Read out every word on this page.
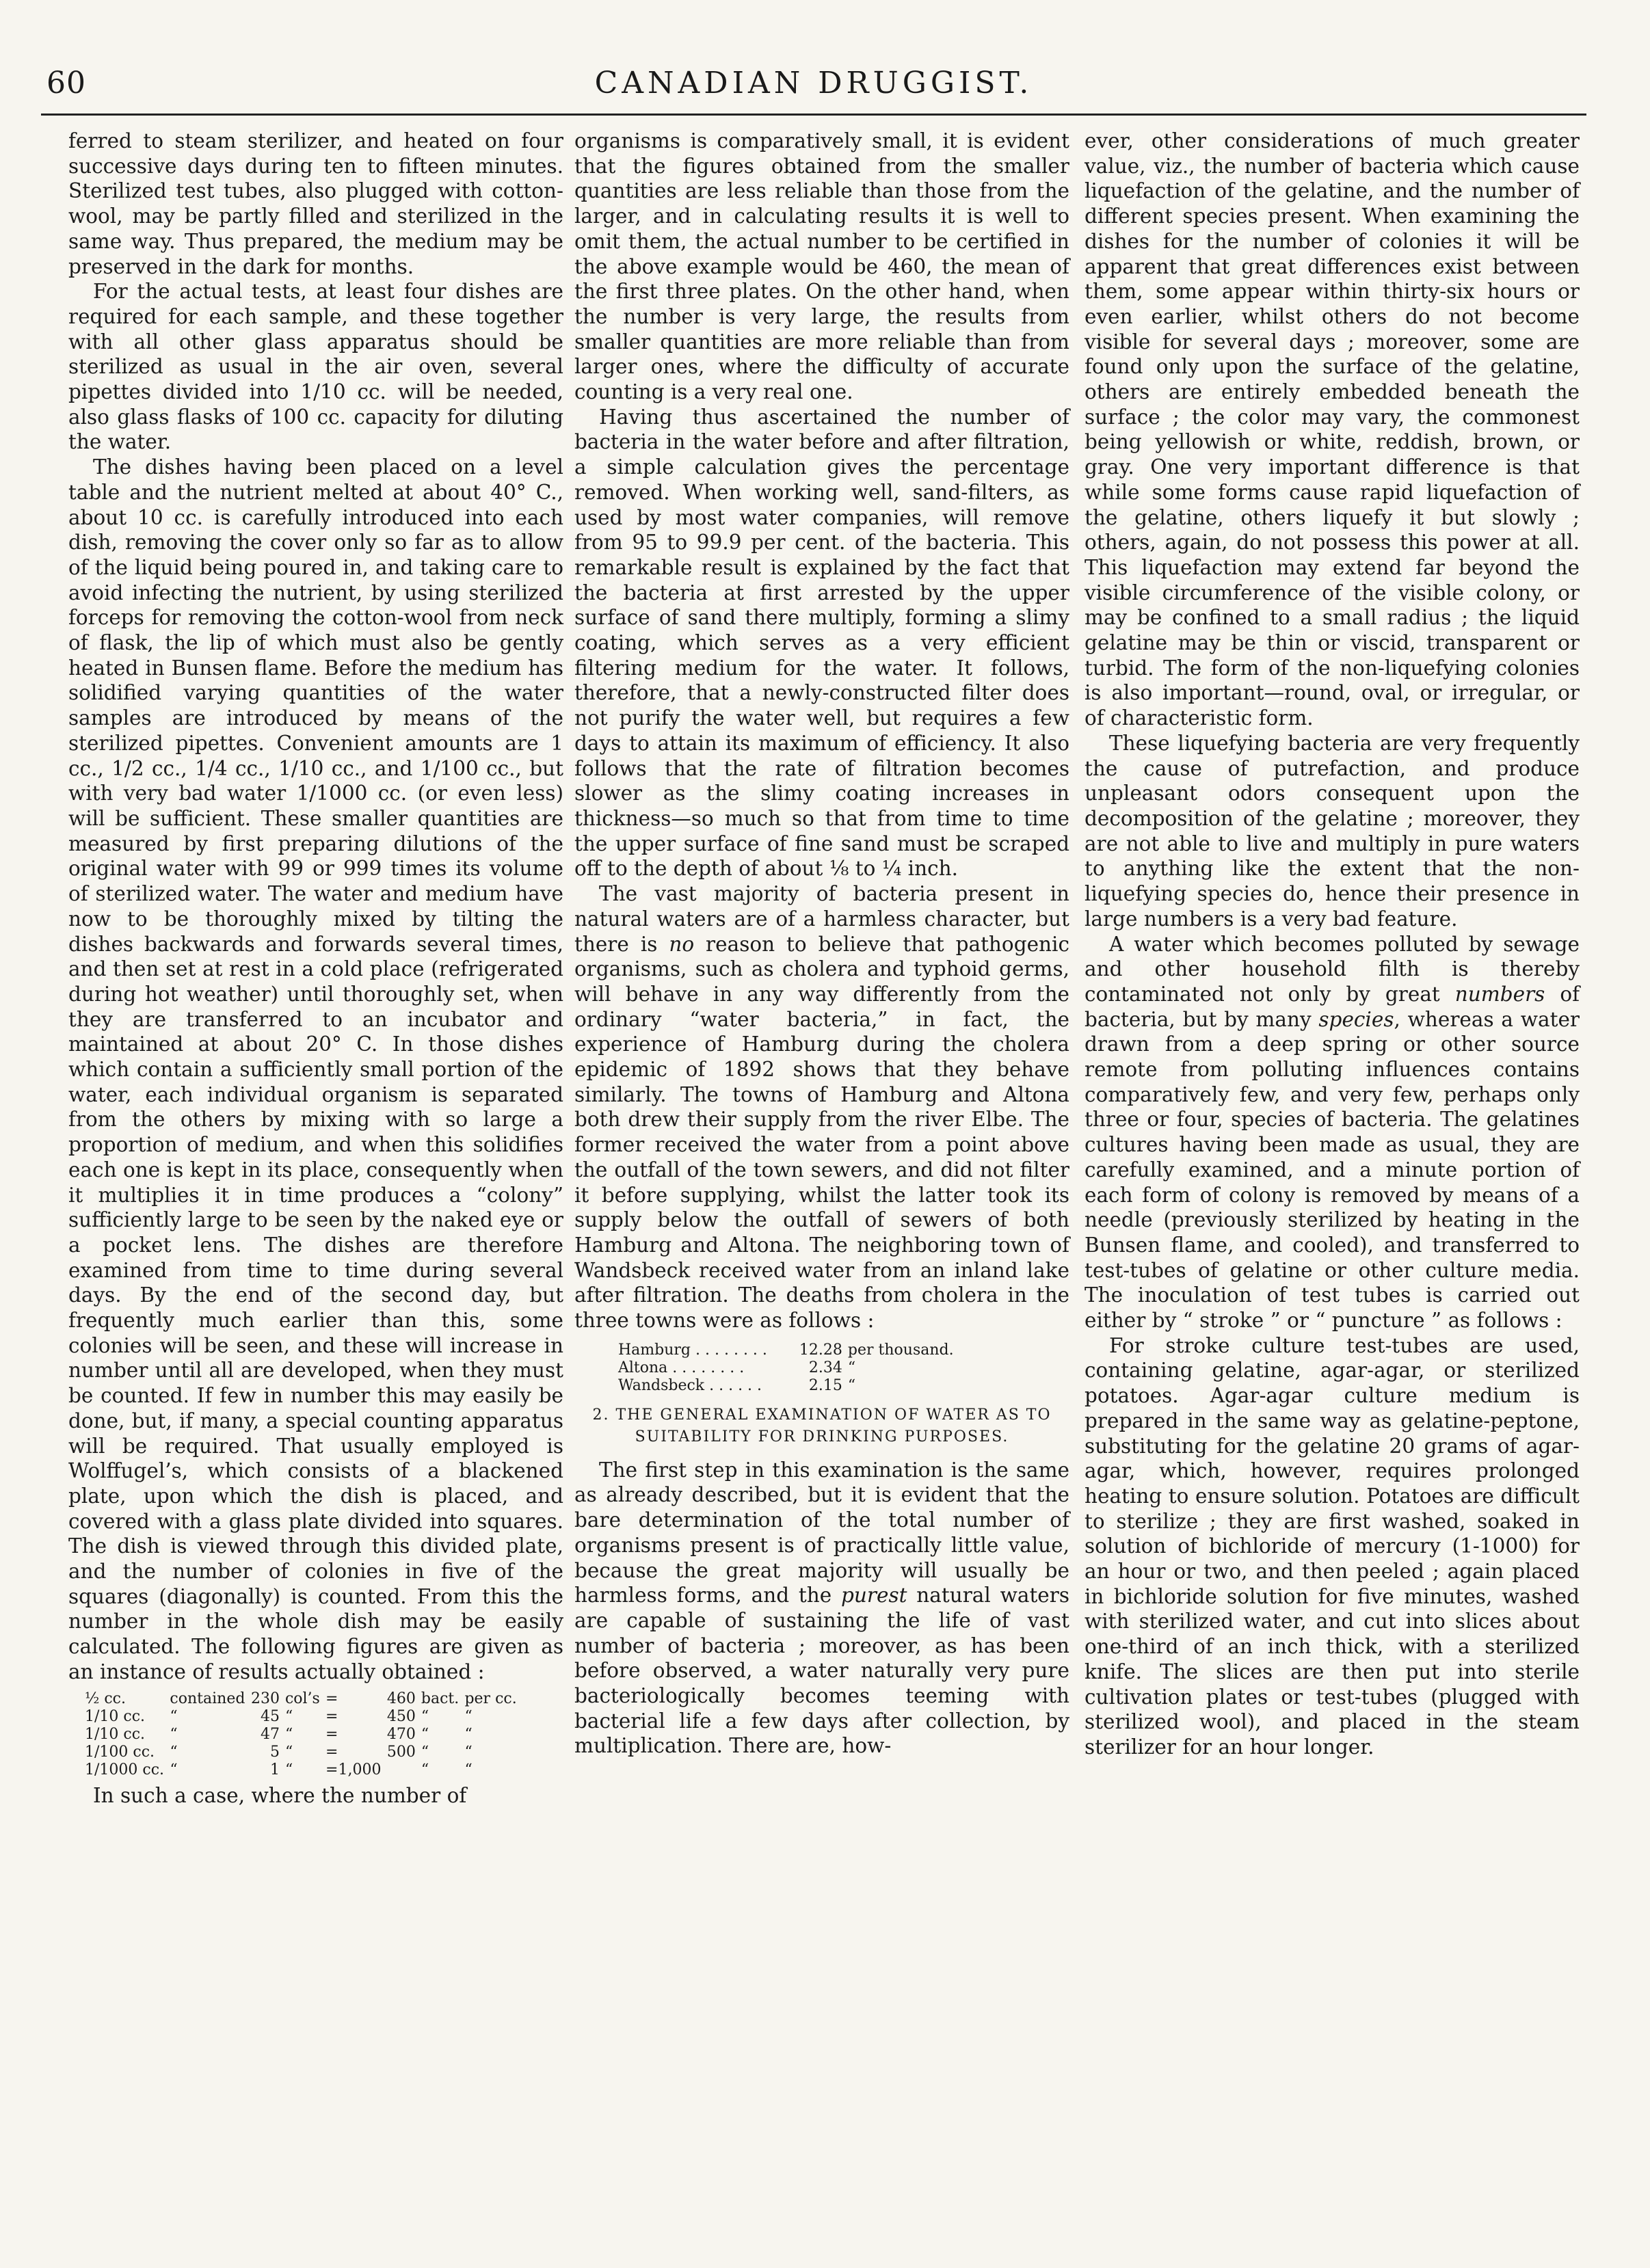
60	CANADIAN DRUGGIST.

ferred to steam sterilizer, and heated on four successive days during ten to fifteen minutes. Sterilized test tubes, also plugged with cotton-wool, may be partly filled and sterilized in the same way. Thus prepared, the medium may be preserved in the dark for months.

For the actual tests, at least four dishes are required for each sample, and these together with all other glass apparatus should be sterilized as usual in the air oven, several pipettes divided into 1/10 cc. will be needed, also glass flasks of 100 cc. capacity for diluting the water.

The dishes having been placed on a level table and the nutrient melted at about 40° C., about 10 cc. is carefully introduced into each dish, removing the cover only so far as to allow of the liquid being poured in, and taking care to avoid infecting the nutrient, by using sterilized forceps for removing the cotton-wool from neck of flask, the lip of which must also be gently heated in Bunsen flame. Before the medium has solidified varying quantities of the water samples are introduced by means of the sterilized pipettes. Convenient amounts are 1 cc., 1/2 cc., 1/4 cc., 1/10 cc., and 1/100 cc., but with very bad water 1/1000 cc. (or even less) will be sufficient. These smaller quantities are measured by first preparing dilutions of the original water with 99 or 999 times its volume of sterilized water. The water and medium have now to be thoroughly mixed by tilting the dishes backwards and forwards several times, and then set at rest in a cold place (refrigerated during hot weather) until thoroughly set, when they are transferred to an incubator and maintained at about 20° C. In those dishes which contain a sufficiently small portion of the water, each individual organism is separated from the others by mixing with so large a proportion of medium, and when this solidifies each one is kept in its place, consequently when it multiplies it in time produces a “colony” sufficiently large to be seen by the naked eye or a pocket lens. The dishes are therefore examined from time to time during several days. By the end of the second day, but frequently much earlier than this, some colonies will be seen, and these will increase in number until all are developed, when they must be counted. If few in number this may easily be done, but, if many, a special counting apparatus will be required. That usually employed is Wolffugel’s, which consists of a blackened plate, upon which the dish is placed, and covered with a glass plate divided into squares. The dish is viewed through this divided plate, and the number of colonies in five of the squares (diagonally) is counted. From this the number in the whole dish may be easily calculated. The following figures are given as an instance of results actually obtained :

½ cc.	contained	230	col’s	=	460	bact.	per cc.
1/10 cc.	“	45	“	=	450	“	“
1/10 cc.	“	47	“	=	470	“	“
1/100 cc.	“	5	“	=	500	“	“
1/1000 cc.	“	1	“	=1,000		“	“

In such a case, where the number of

organisms is comparatively small, it is evident that the figures obtained from the smaller quantities are less reliable than those from the larger, and in calculating results it is well to omit them, the actual number to be certified in the above example would be 460, the mean of the first three plates. On the other hand, when the number is very large, the results from smaller quantities are more reliable than from larger ones, where the difficulty of accurate counting is a very real one.

Having thus ascertained the number of bacteria in the water before and after filtration, a simple calculation gives the percentage removed. When working well, sand-filters, as used by most water companies, will remove from 95 to 99.9 per cent. of the bacteria. This remarkable result is explained by the fact that the bacteria at first arrested by the upper surface of sand there multiply, forming a slimy coating, which serves as a very efficient filtering medium for the water. It follows, therefore, that a newly-constructed filter does not purify the water well, but requires a few days to attain its maximum of efficiency. It also follows that the rate of filtration becomes slower as the slimy coating increases in thickness—so much so that from time to time the upper surface of fine sand must be scraped off to the depth of about ⅛ to ¼ inch.

The vast majority of bacteria present in natural waters are of a harmless character, but there is no reason to believe that pathogenic organisms, such as cholera and typhoid germs, will behave in any way differently from the ordinary “water bacteria,” in fact, the experience of Hamburg during the cholera epidemic of 1892 shows that they behave similarly. The towns of Hamburg and Altona both drew their supply from the river Elbe. The former received the water from a point above the outfall of the town sewers, and did not filter it before supplying, whilst the latter took its supply below the outfall of sewers of both Hamburg and Altona. The neighboring town of Wandsbeck received water from an inland lake after filtration. The deaths from cholera in the three towns were as follows :

Hamburg . . . . . . . .	12.28	per thousand.
Altona . . . . . . . .	2.34	“
Wandsbeck . . . . . .	2.15	“
2. THE GENERAL EXAMINATION OF WATER AS TO SUITABILITY FOR DRINKING PURPOSES.

The first step in this examination is the same as already described, but it is evident that the bare determination of the total number of organisms present is of practically little value, because the great majority will usually be harmless forms, and the purest natural waters are capable of sustaining the life of vast number of bacteria ; moreover, as has been before observed, a water naturally very pure bacteriologically becomes teeming with bacterial life a few days after collection, by multiplication. There are, how-

ever, other considerations of much greater value, viz., the number of bacteria which cause liquefaction of the gelatine, and the number of different species present. When examining the dishes for the number of colonies it will be apparent that great differences exist between them, some appear within thirty-six hours or even earlier, whilst others do not become visible for several days ; moreover, some are found only upon the surface of the gelatine, others are entirely embedded beneath the surface ; the color may vary, the commonest being yellowish or white, reddish, brown, or gray. One very important difference is that while some forms cause rapid liquefaction of the gelatine, others liquefy it but slowly ; others, again, do not possess this power at all. This liquefaction may extend far beyond the visible circumference of the visible colony, or may be confined to a small radius ; the liquid gelatine may be thin or viscid, transparent or turbid. The form of the non-liquefying colonies is also important—round, oval, or irregular, or of characteristic form.

These liquefying bacteria are very frequently the cause of putrefaction, and produce unpleasant odors consequent upon the decomposition of the gelatine ; moreover, they are not able to live and multiply in pure waters to anything like the extent that the non-liquefying species do, hence their presence in large numbers is a very bad feature.

A water which becomes polluted by sewage and other household filth is thereby contaminated not only by great numbers of bacteria, but by many species, whereas a water drawn from a deep spring or other source remote from polluting influences contains comparatively few, and very few, perhaps only three or four, species of bacteria. The gelatines cultures having been made as usual, they are carefully examined, and a minute portion of each form of colony is removed by means of a needle (previously sterilized by heating in the Bunsen flame, and cooled), and transferred to test-tubes of gelatine or other culture media. The inoculation of test tubes is carried out either by “ stroke ” or “ puncture ” as follows :

For stroke culture test-tubes are used, containing gelatine, agar-agar, or sterilized potatoes. Agar-agar culture medium is prepared in the same way as gelatine-peptone, substituting for the gelatine 20 grams of agar-agar, which, however, requires prolonged heating to ensure solution. Potatoes are difficult to sterilize ; they are first washed, soaked in solution of bichloride of mercury (1-1000) for an hour or two, and then peeled ; again placed in bichloride solution for five minutes, washed with sterilized water, and cut into slices about one-third of an inch thick, with a sterilized knife. The slices are then put into sterile cultivation plates or test-tubes (plugged with sterilized wool), and placed in the steam sterilizer for an hour longer.
